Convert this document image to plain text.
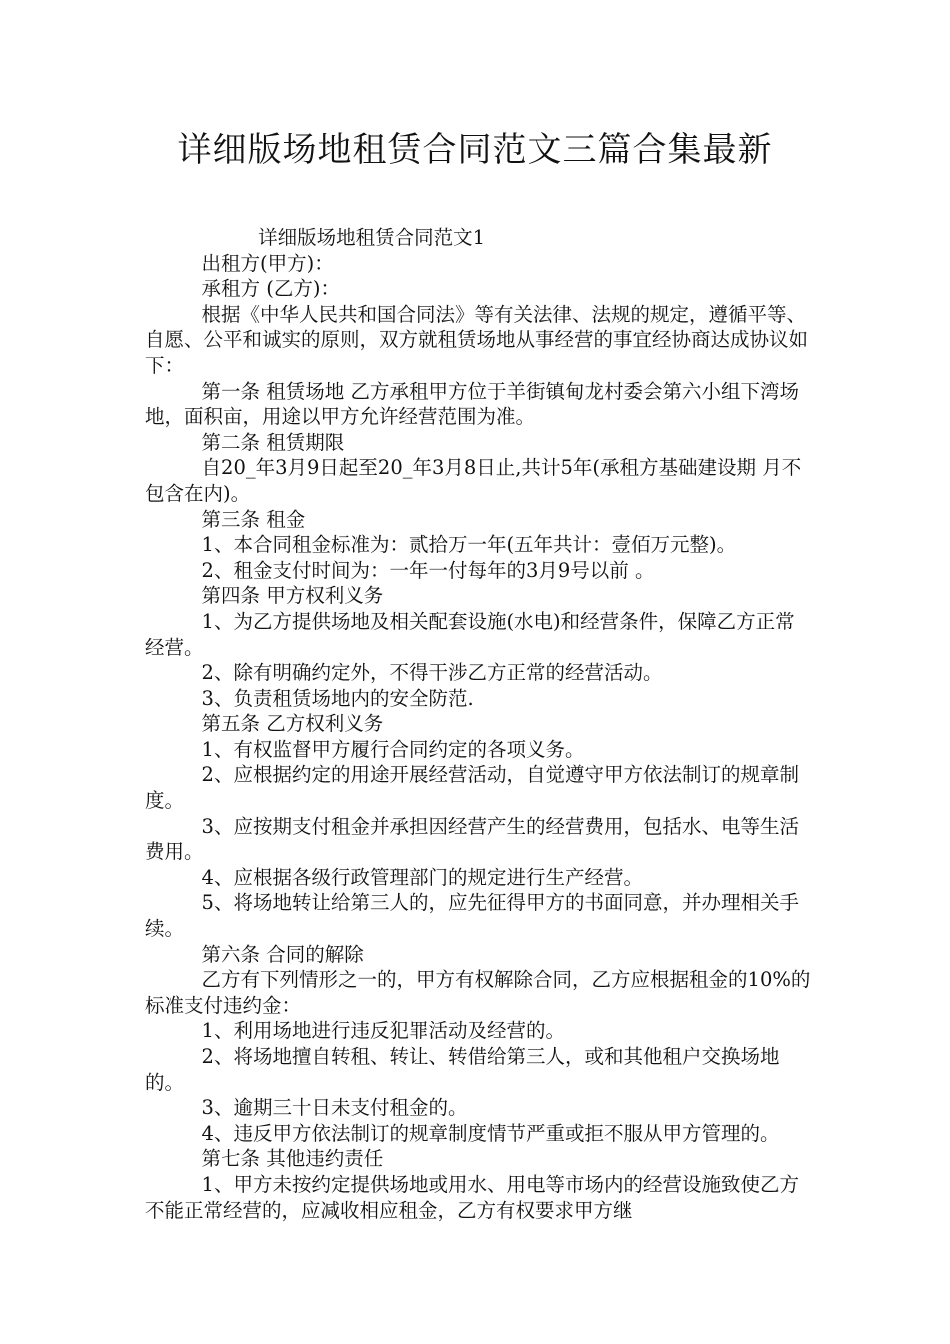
详细版场地租赁合同范文三篇合集最新

详细版场地租赁合同范文1

出租方(甲方)：

承租方 (乙方)：

根据《中华人民共和国合同法》等有关法律、法规的规定，遵循平等、自愿、公平和诚实的原则，双方就租赁场地从事经营的事宜经协商达成协议如下：

第一条 租赁场地 乙方承租甲方位于羊街镇甸龙村委会第六小组下湾场地，面积亩，用途以甲方允许经营范围为准。

第二条 租赁期限

自20_年3月9日起至20_年3月8日止,共计5年(承租方基础建设期 月不包含在内)。

第三条 租金

1、本合同租金标准为：贰拾万一年(五年共计：壹佰万元整)。

2、租金支付时间为：一年一付每年的3月9号以前 。

第四条 甲方权利义务

1、为乙方提供场地及相关配套设施(水电)和经营条件，保障乙方正常经营。

2、除有明确约定外，不得干涉乙方正常的经营活动。

3、负责租赁场地内的安全防范.

第五条 乙方权利义务

1、有权监督甲方履行合同约定的各项义务。

2、应根据约定的用途开展经营活动，自觉遵守甲方依法制订的规章制度。

3、应按期支付租金并承担因经营产生的经营费用，包括水、电等生活费用。

4、应根据各级行政管理部门的规定进行生产经营。

5、将场地转让给第三人的，应先征得甲方的书面同意，并办理相关手续。

第六条 合同的解除

乙方有下列情形之一的，甲方有权解除合同，乙方应根据租金的10%的标准支付违约金：

1、利用场地进行违反犯罪活动及经营的。

2、将场地擅自转租、转让、转借给第三人，或和其他租户交换场地的。

3、逾期三十日未支付租金的。

4、违反甲方依法制订的规章制度情节严重或拒不服从甲方管理的。

第七条 其他违约责任

1、甲方未按约定提供场地或用水、用电等市场内的经营设施致使乙方不能正常经营的，应减收相应租金，乙方有权要求甲方继
